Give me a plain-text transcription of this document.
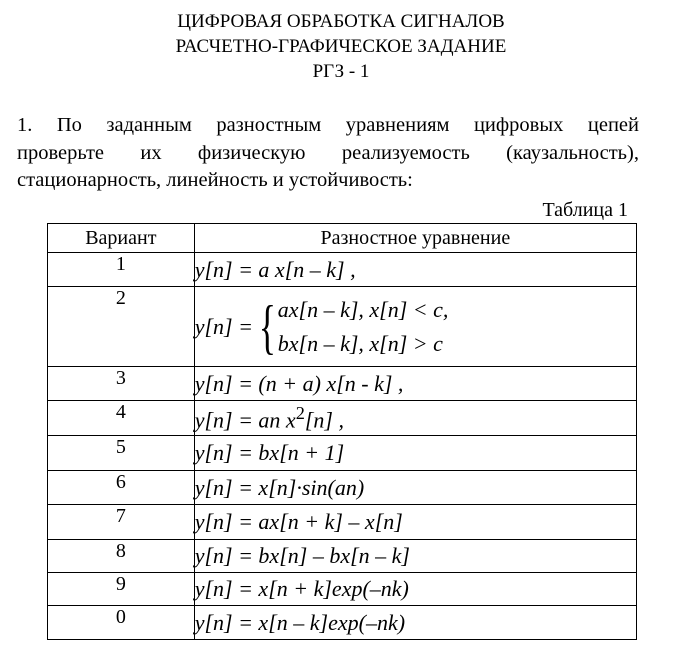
ЦИФРОВАЯ ОБРАБОТКА СИГНАЛОВ
РАСЧЕТНО-ГРАФИЧЕСКОЕ ЗАДАНИЕ
РГЗ - 1
1. По заданным разностным уравнениям цифровых цепей
проверьте их физическую реализуемость (каузальность),
стационарность, линейность и устойчивость:
Таблица 1
Вариант	Разностное уравнение
1	y[n] = a x[n – k] ,
2	y[n] = { ax[n – k], x[n] < c,
bx[n – k], x[n] > c

3	y[n] = (n + a) x[n - k] ,
4	y[n] = an $x^2[n]$ ,
5	y[n] = bx[n + 1]
6	y[n] = x[n]·sin(an)
7	y[n] = ax[n + k] – x[n]
8	y[n] = bx[n] – bx[n – k]
9	y[n] = x[n + k]exp(–nk)
0	y[n] = x[n – k]exp(–nk)
